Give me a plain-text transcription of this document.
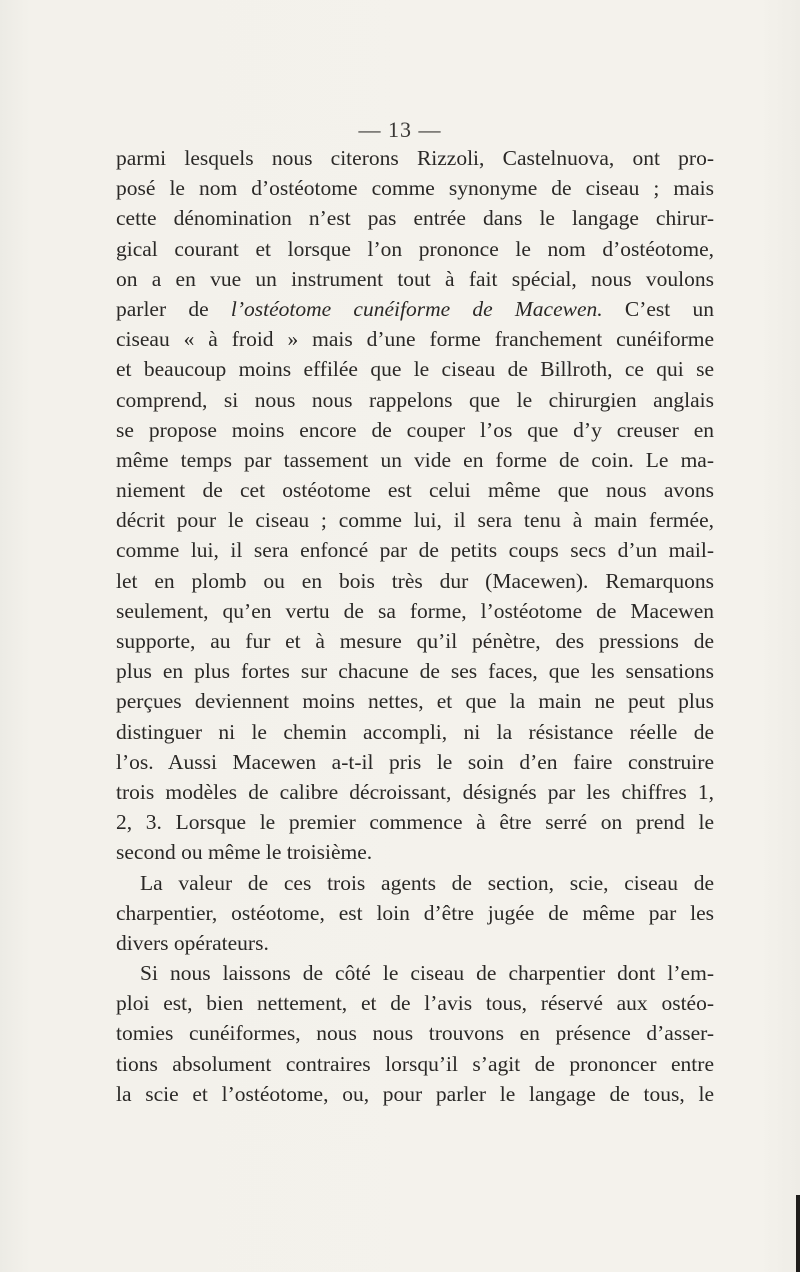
— 13 —
parmi lesquels nous citerons Rizzoli, Castelnuova, ont pro-
posé le nom d’ostéotome comme synonyme de ciseau ; mais
cette dénomination n’est pas entrée dans le langage chirur-
gical courant et lorsque l’on prononce le nom d’ostéotome,
on a en vue un instrument tout à fait spécial, nous voulons
parler de l’ostéotome cunéiforme de Macewen. C’est un
ciseau « à froid » mais d’une forme franchement cunéiforme
et beaucoup moins effilée que le ciseau de Billroth, ce qui se
comprend, si nous nous rappelons que le chirurgien anglais
se propose moins encore de couper l’os que d’y creuser en
même temps par tassement un vide en forme de coin. Le ma-
niement de cet ostéotome est celui même que nous avons
décrit pour le ciseau ; comme lui, il sera tenu à main fermée,
comme lui, il sera enfoncé par de petits coups secs d’un mail-
let en plomb ou en bois très dur (Macewen). Remarquons
seulement, qu’en vertu de sa forme, l’ostéotome de Macewen
supporte, au fur et à mesure qu’il pénètre, des pressions de
plus en plus fortes sur chacune de ses faces, que les sensations
perçues deviennent moins nettes, et que la main ne peut plus
distinguer ni le chemin accompli, ni la résistance réelle de
l’os. Aussi Macewen a-t-il pris le soin d’en faire construire
trois modèles de calibre décroissant, désignés par les chiffres 1,
2, 3. Lorsque le premier commence à être serré on prend le
second ou même le troisième.
La valeur de ces trois agents de section, scie, ciseau de
charpentier, ostéotome, est loin d’être jugée de même par les
divers opérateurs.
Si nous laissons de côté le ciseau de charpentier dont l’em-
ploi est, bien nettement, et de l’avis tous, réservé aux ostéo-
tomies cunéiformes, nous nous trouvons en présence d’asser-
tions absolument contraires lorsqu’il s’agit de prononcer entre
la scie et l’ostéotome, ou, pour parler le langage de tous, le
